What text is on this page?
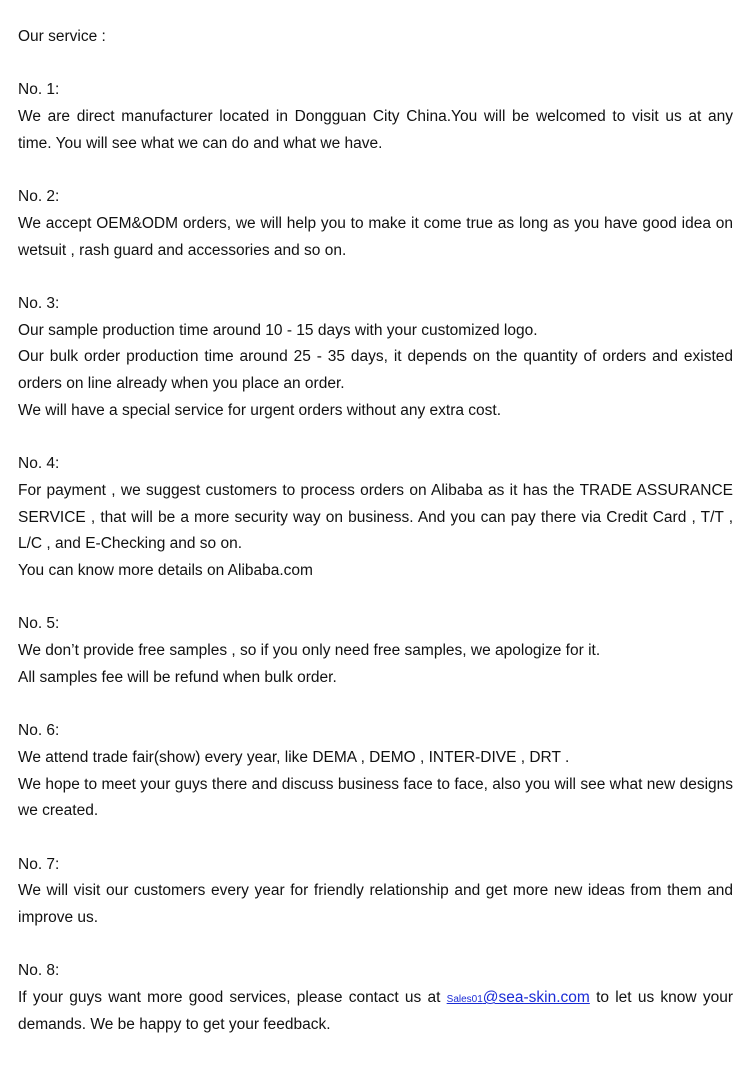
Our service :

No. 1:

We are direct manufacturer located in Dongguan City China.You will be welcomed to visit us at any time. You will see what we can do and what we have.

No. 2:

We accept OEM&ODM orders, we will help you to make it come true as long as you have good idea on wetsuit , rash guard and accessories and so on.

No. 3:

Our sample production time around 10 - 15 days with your customized logo.

Our bulk order production time around 25 - 35 days, it depends on the quantity of orders and existed orders on line already when you place an order.

We will have a special service for urgent orders without any extra cost.

No. 4:

For payment , we suggest customers to process orders on Alibaba as it has the TRADE ASSURANCE SERVICE , that will be a more security way on business. And you can pay there via Credit Card , T/T , L/C , and E-Checking and so on.

You can know more details on Alibaba.com

No. 5:

We don’t provide free samples , so if you only need free samples, we apologize for it.

All samples fee will be refund when bulk order.

No. 6:

We attend trade fair(show) every year, like DEMA , DEMO , INTER-DIVE , DRT .

We hope to meet your guys there and discuss business face to face, also you will see what new designs we created.

No. 7:

We will visit our customers every year for friendly relationship and get more new ideas from them and improve us.

No. 8:

If your guys want more good services, please contact us at Sales01@sea-skin.com to let us know your demands. We be happy to get your feedback.
